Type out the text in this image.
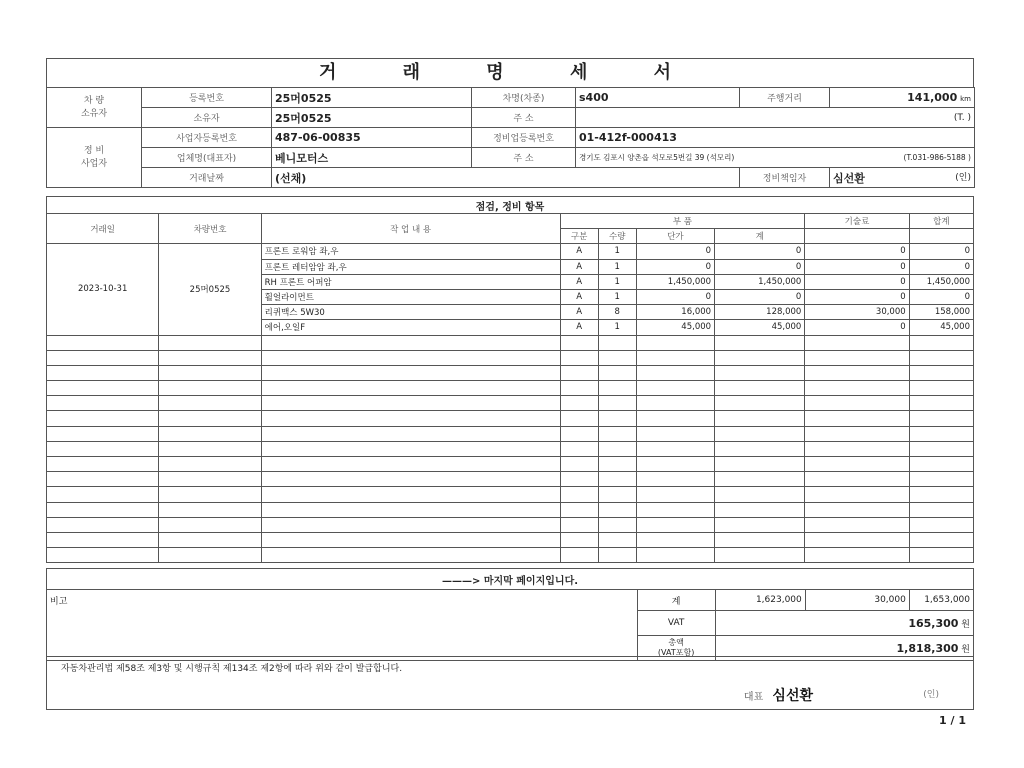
거 래 명 세 서
차 량
소유자	등록번호	25머0525	차명(차종)	s400	주행거리	141,000 km
	소유자	25머0525	주 소	(T. )		
정 비
사업자	사업자등록번호	487-06-00835	정비업등록번호	01-412f-000413		
	업체명(대표자)	베니모터스	주 소	경기도 김포시 양촌읍 석모로5번길 39 (석모리) (T.031-986-5188 )		

	거래날짜	(선채)			정비책임자	심선환 (인)
점검, 정비 항목								
거래일	차량번호	작 업 내 용	부 품				기술료	합계
			구분	수량	단가	계		
2023-10-31	25머0525	프론트 로워암 좌,우	A	1	0	0	0	0
		프론트 레터암암 좌,우	A	1	0	0	0	0
		RH 프론트 어퍼암	A	1	1,450,000	1,450,000	0	1,450,000
		휠얼라이먼트	A	1	0	0	0	0
		리퀴맥스 5W30	A	8	16,000	128,000	30,000	158,000
		에어,오일F	A	1	45,000	45,000	0	45,000

———> 마지막 페이지입니다.				
비고	계	1,623,000	30,000	1,653,000
	VAT	165,300 원		
	총액
(VAT포함)	1,818,300 원		
자동차관리법 제58조 제3항 및 시행규칙 제134조 제2항에 따라 위와 같이 발급합니다.
대표 심선환	(인)
1 / 1
